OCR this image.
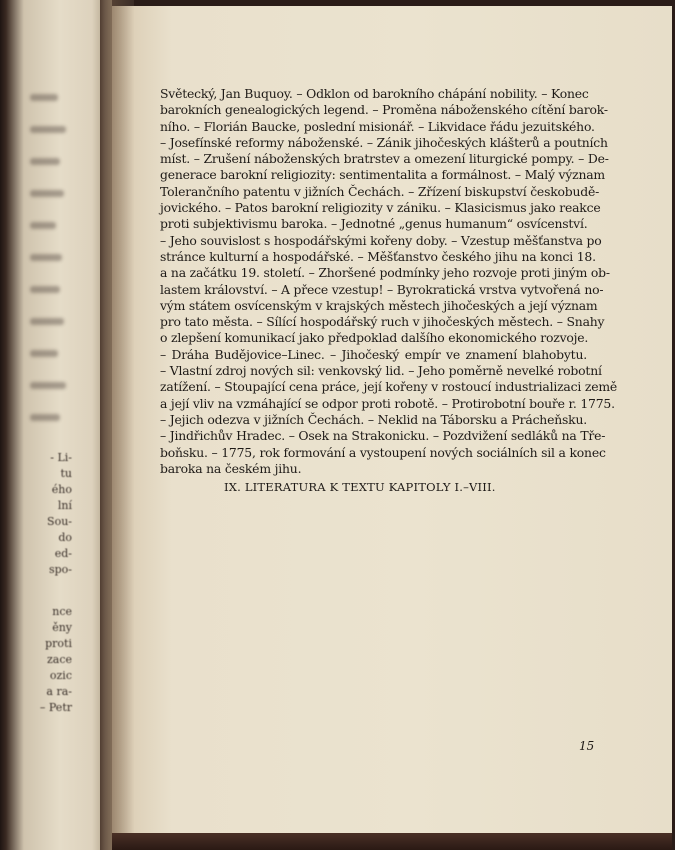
- Li-
tu
ého
lní
Sou-
do
ed-
spo-
nce
ěny
proti
zace
ozic
a ra-
– Petr
Světecký, Jan Buquoy. – Odklon od barokního chápání nobility. – Konec
barokních genealogických legend. – Proměna náboženského cítění barok-
ního. – Florián Baucke, poslední misionář. – Likvidace řádu jezuitského.
– Josefínské reformy náboženské. – Zánik jihočeských klášterů a poutních
míst. – Zrušení náboženských bratrstev a omezení liturgické pompy. – De-
generace barokní religiozity: sentimentalita a formálnost. – Malý význam
Tolerančního patentu v jižních Čechách. – Zřízení biskupství českobudě-
jovického. – Patos barokní religiozity v zániku. – Klasicismus jako reakce
proti subjektivismu baroka. – Jednotné „genus humanum“ osvícenství.
– Jeho souvislost s hospodářskými kořeny doby. – Vzestup měšťanstva po
stránce kulturní a hospodářské. – Měšťanstvo českého jihu na konci 18.
a na začátku 19. století. – Zhoršené podmínky jeho rozvoje proti jiným ob-
lastem království. – A přece vzestup! – Byrokratická vrstva vytvořená no-
vým státem osvícenským v krajských městech jihočeských a její význam
pro tato města. – Sílící hospodářský ruch v jihočeských městech. – Snahy
o zlepšení komunikací jako předpoklad dalšího ekonomického rozvoje.
– Dráha Budějovice–Linec. – Jihočeský empír ve znamení blahobytu.
– Vlastní zdroj nových sil: venkovský lid. – Jeho poměrně nevelké robotní
zatížení. – Stoupající cena práce, její kořeny v rostoucí industrializaci země
a její vliv na vzmáhající se odpor proti robotě. – Protirobotní bouře r. 1775.
– Jejich odezva v jižních Čechách. – Neklid na Táborsku a Prácheňsku.
– Jindřichův Hradec. – Osek na Strakonicku. – Pozdvižení sedláků na Tře-
boňsku. – 1775, rok formování a vystoupení nových sociálních sil a konec
baroka na českém jihu.
IX. LITERATURA K TEXTU KAPITOLY I.–VIII.
15
